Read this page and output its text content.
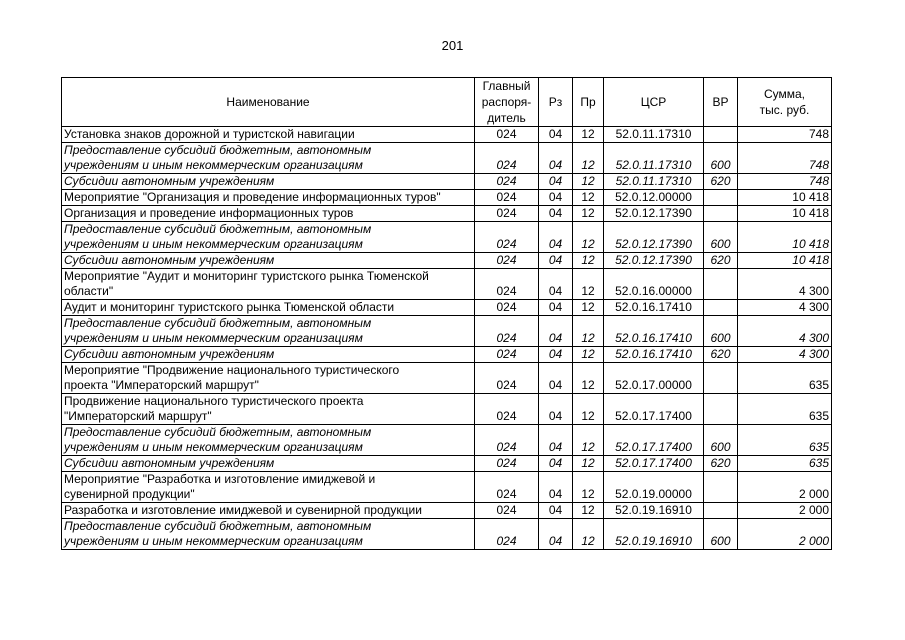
201
Наименование	Главный
распоря-
дитель	Рз	Пр	ЦСР	ВР	Сумма,
тыс. руб.
Установка знаков дорожной и туристской навигации	024	04	12	52.0.11.17310		748
Предоставление субсидий бюджетным, автономным
учреждениям и иным некоммерческим организациям	024	04	12	52.0.11.17310	600	748
Субсидии автономным учреждениям	024	04	12	52.0.11.17310	620	748
Мероприятие "Организация и проведение информационных туров"	024	04	12	52.0.12.00000		10 418
Организация и проведение информационных туров	024	04	12	52.0.12.17390		10 418
Предоставление субсидий бюджетным, автономным
учреждениям и иным некоммерческим организациям	024	04	12	52.0.12.17390	600	10 418
Субсидии автономным учреждениям	024	04	12	52.0.12.17390	620	10 418
Мероприятие "Аудит и мониторинг туристского рынка Тюменской
области"	024	04	12	52.0.16.00000		4 300
Аудит и мониторинг туристского рынка Тюменской области	024	04	12	52.0.16.17410		4 300
Предоставление субсидий бюджетным, автономным
учреждениям и иным некоммерческим организациям	024	04	12	52.0.16.17410	600	4 300
Субсидии автономным учреждениям	024	04	12	52.0.16.17410	620	4 300
Мероприятие "Продвижение национального туристического
проекта "Императорский маршрут"	024	04	12	52.0.17.00000		635
Продвижение национального туристического проекта
"Императорский маршрут"	024	04	12	52.0.17.17400		635
Предоставление субсидий бюджетным, автономным
учреждениям и иным некоммерческим организациям	024	04	12	52.0.17.17400	600	635
Субсидии автономным учреждениям	024	04	12	52.0.17.17400	620	635
Мероприятие "Разработка и изготовление имиджевой и
сувенирной продукции"	024	04	12	52.0.19.00000		2 000
Разработка и изготовление имиджевой и сувенирной продукции	024	04	12	52.0.19.16910		2 000
Предоставление субсидий бюджетным, автономным
учреждениям и иным некоммерческим организациям	024	04	12	52.0.19.16910	600	2 000
